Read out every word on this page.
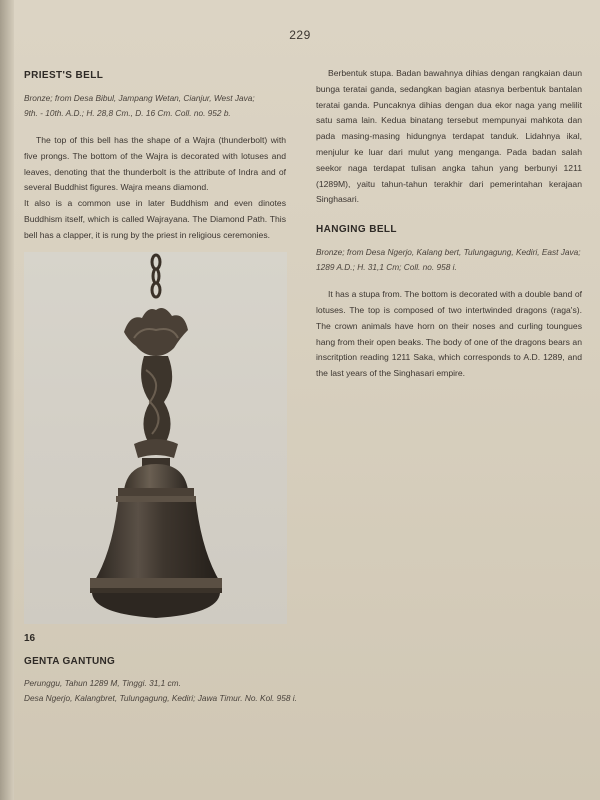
229

PRIEST'S BELL

Bronze; from Desa Bibul, Jampang Wetan, Cianjur, West Java;
9th. - 10th. A.D.; H. 28,8 Cm., D. 16 Cm. Coll. no. 952 b.

The top of this bell has the shape of a Wajra (thunderbolt) with five prongs. The bottom of the Wajra is decorated with lotuses and leaves, denoting that the thunderbolt is the attribute of Indra and of several Buddhist figures. Wajra means diamond.

It also is a common use in later Buddhism and even dinotes Buddhism itself, which is called Wajrayana. The Diamond Path. This bell has a clapper, it is rung by the priest in religious ceremonies.

16
GENTA GANTUNG
Perunggu, Tahun 1289 M, Tinggi. 31,1 cm.
Desa Ngerjo, Kalangbret, Tulungagung, Kediri; Jawa Timur. No. Kol. 958 i.

Berbentuk stupa. Badan bawahnya dihias dengan rangkaian daun bunga teratai ganda, sedangkan bagian atasnya berbentuk bantalan teratai ganda. Puncaknya dihias dengan dua ekor naga yang melilit satu sama lain. Kedua binatang tersebut mempunyai mahkota dan pada masing-masing hidungnya terdapat tanduk. Lidahnya ikal, menjulur ke luar dari mulut yang menganga. Pada badan salah seekor naga terdapat tulisan angka tahun yang berbunyi 1211 (1289M), yaitu tahun-tahun terakhir dari pemerintahan kerajaan Singhasari.

HANGING BELL

Bronze; from Desa Ngerjo, Kalang bert, Tulungagung, Kediri, East Java;
1289 A.D.; H. 31,1 Cm; Coll. no. 958 i.

It has a stupa from. The bottom is decorated with a double band of lotuses. The top is composed of two intertwinded dragons (raga's). The crown animals have horn on their noses and curling toungues hang from their open beaks. The body of one of the dragons bears an inscritption reading 1211 Saka, which corresponds to A.D. 1289, and the last years of the Singhasari empire.
